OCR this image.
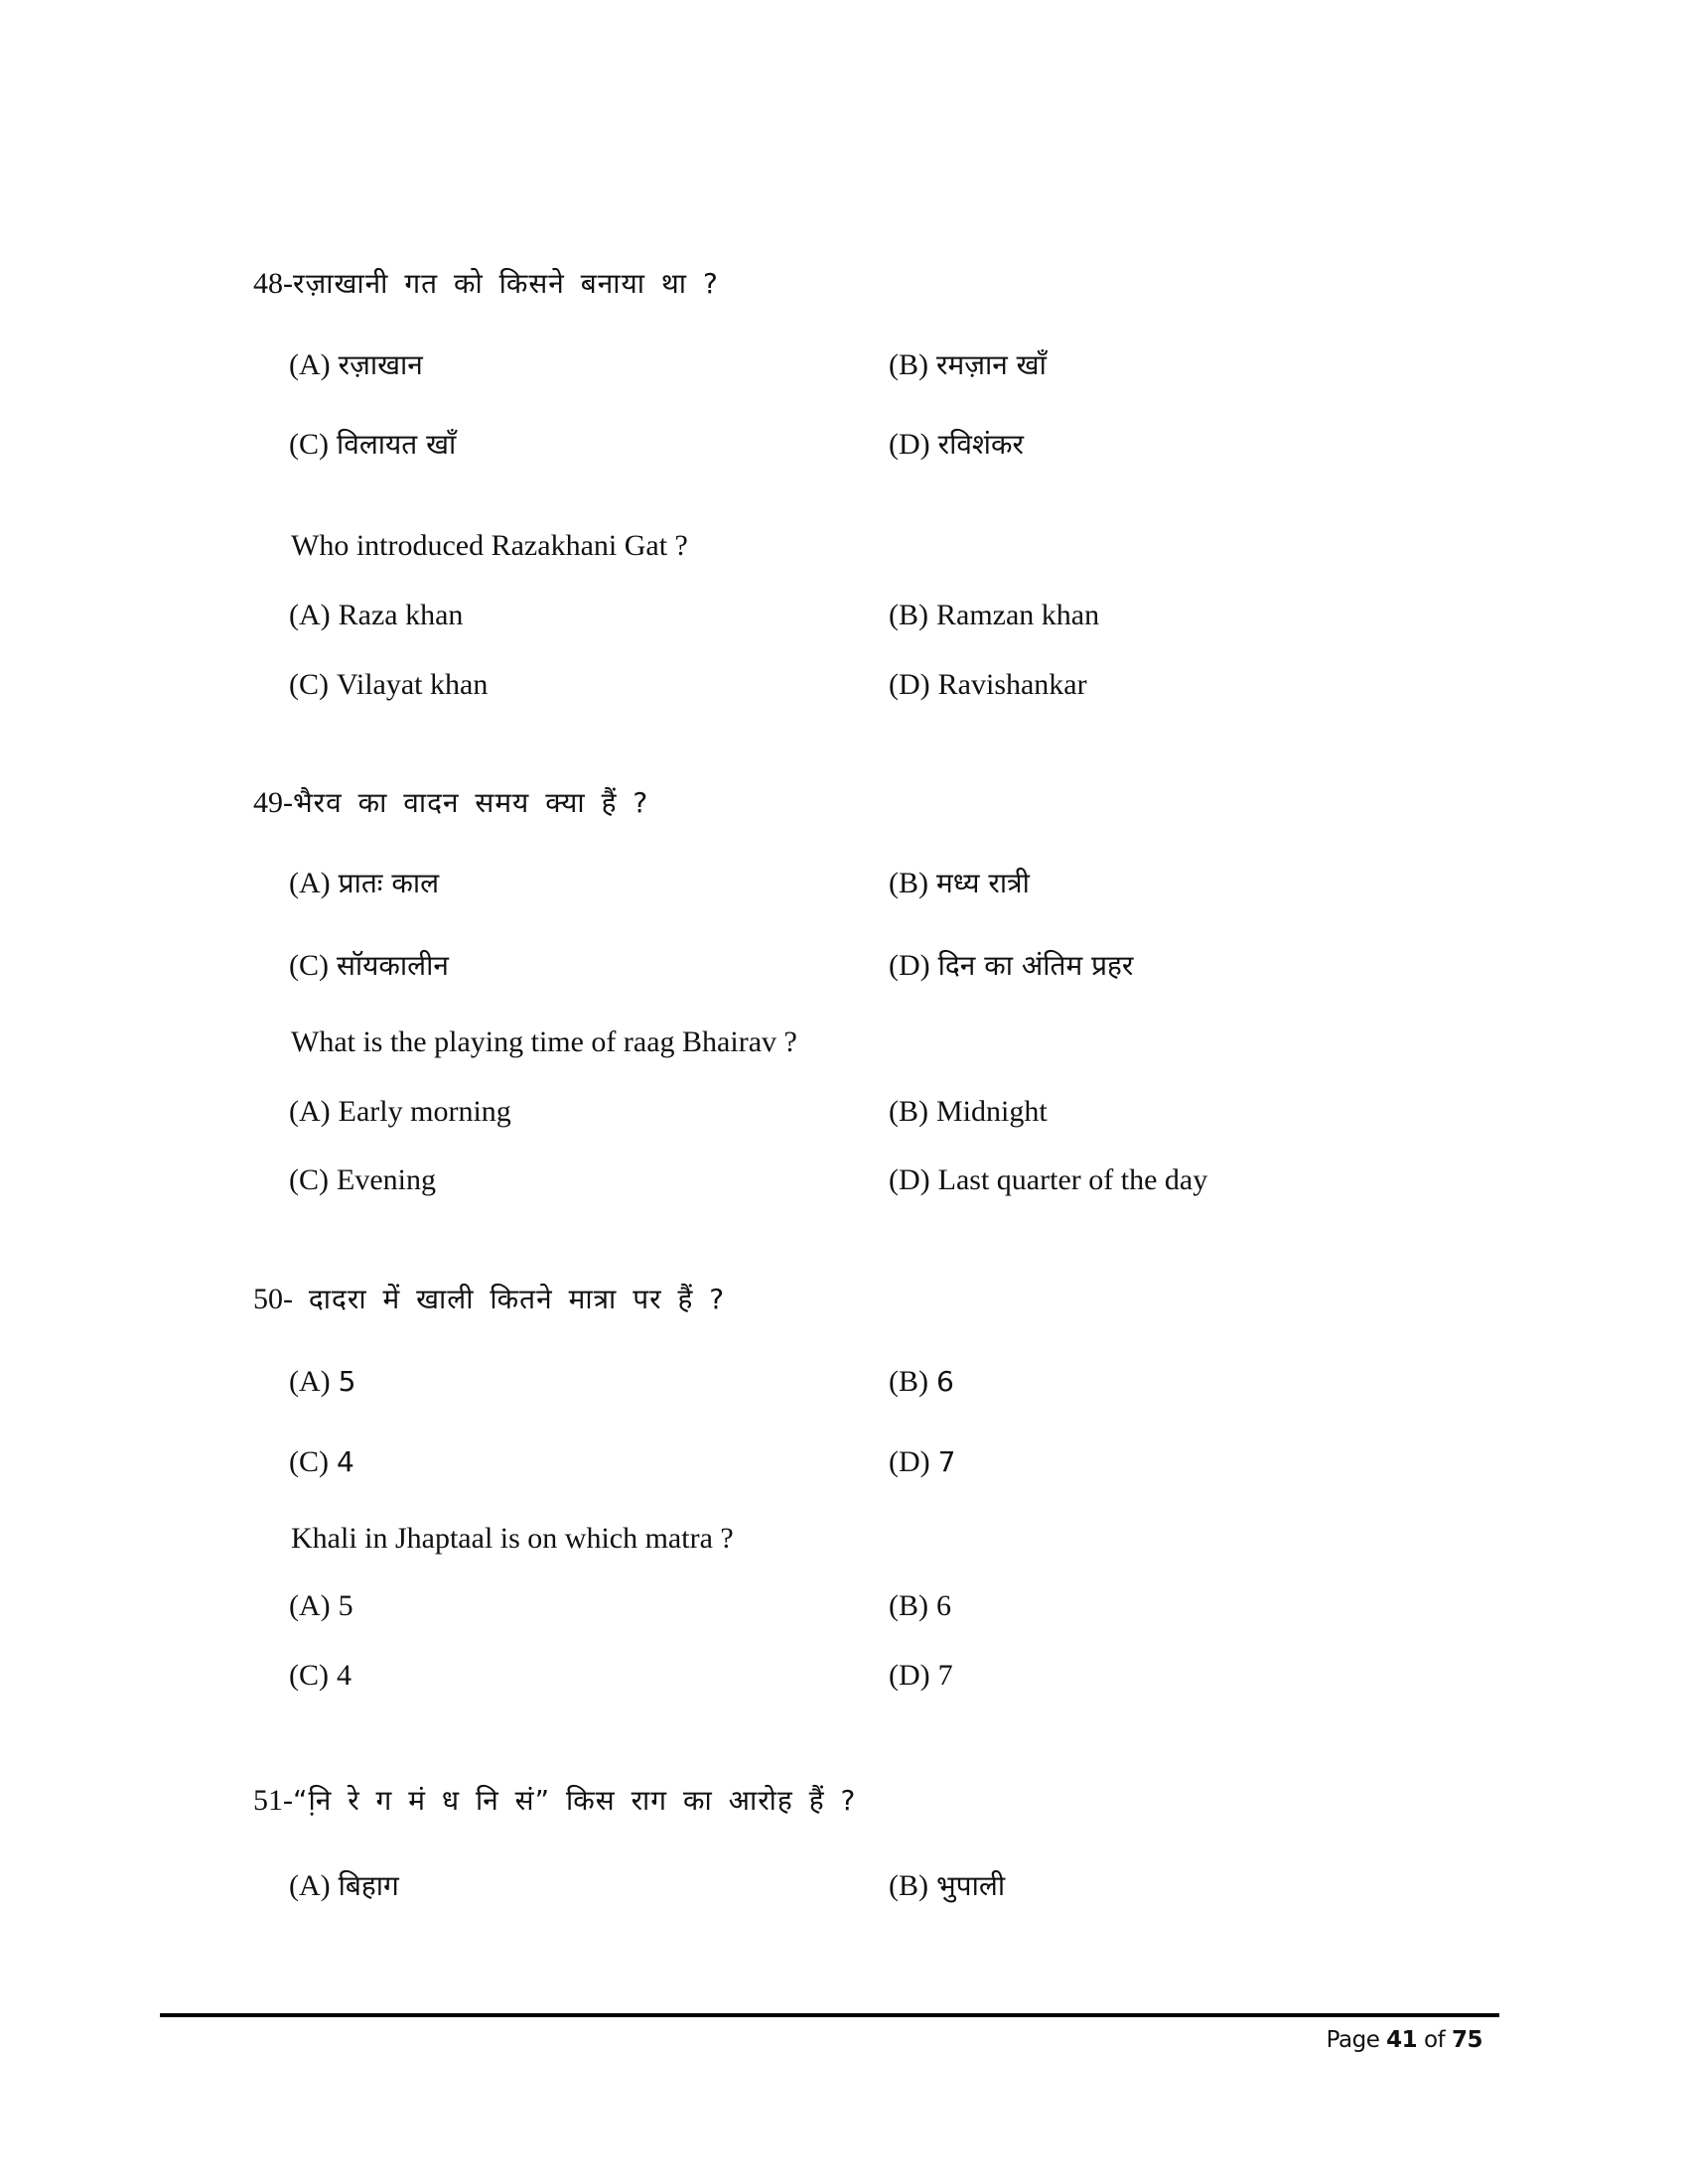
48-रज़ाखानी गत को किसने बनाया था ?
(A) रज़ाखान	(B) रमज़ान खाँ
(C) विलायत खाँ	(D) रविशंकर
Who introduced Razakhani Gat ?
(A) Raza khan	(B) Ramzan khan
(C) Vilayat khan	(D) Ravishankar
49-भैरव का वादन समय क्या हैं ?
(A) प्रातः काल	(B) मध्य रात्री
(C) सॉयकालीन	(D) दिन का अंतिम प्रहर
What is the playing time of raag Bhairav ?
(A) Early morning	(B) Midnight
(C) Evening	(D) Last quarter of the day
50- दादरा में खाली कितने मात्रा पर हैं ?
(A) 5	(B) 6
(C) 4	(D) 7
Khali in Jhaptaal is on which matra ?
(A) 5	(B) 6
(C) 4	(D) 7
51-“नि़ रे ग मं ध नि सं” किस राग का आरोह हैं ?
(A) बिहाग	(B) भुपाली
Page 41 of 75
